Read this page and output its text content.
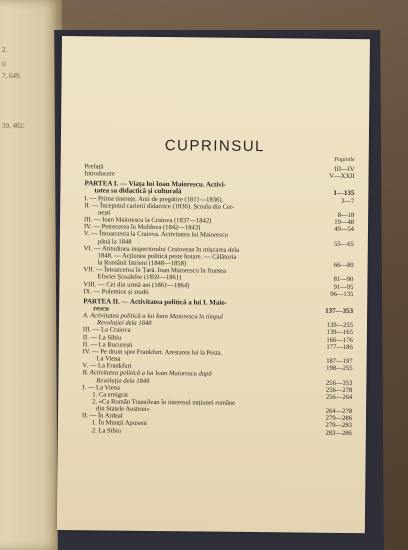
2.
ti
7, 649.
39, 402.
CUPRINSUL
Paginile
Prefață	III—IV
Introducere	V—XXII
PARTEA I. — Viața lui Ioan Maiorescu. Activi-
tatea sa didactică și culturală	1—135
I. — Prima tinerețe. Anii de pregătire (1811—1836).	3—7
II. — Începutul carierii didactice (1836). Școala din Cer-
nești	8—18
III. — Ioan Maiorescu la Craiova (1837—1842)	19—48
IV. — Petrecerea în Moldova (1842—1843)	49—54
V. — Întoarcerea la Craiova. Activitatea lui Maiorescu
până la 1848	55—65
VI. — Atitudinea inspectorului Craiovean în mișcarea dela
1848. — Acțiunea politică peste hotare. — Călătoria
la Românii Istrieni (1848—1858)	66—80
VII. — Întoarcerea în Țară. Ioan Maiorescu în fruntea
Eforiei Școalelor (1859—1861)	81—90
VIII. — Cei din urmă ani (1861—1864)	91—95
IX. — Polemice și studii	96—135
PARTEA II. — Activitatea politică a lui I. Maio-
rescu	137—353
A. Activitatea politică a lui Ioan Maiorescu în timpul
Revoluției dela 1848	139—255
III. — La Craiova	139—165
II. — La Sibiu	166—176
II. — La București	177—186
IV. — Pe drum spre Frankfurt. Arestarea lui la Pesta.
La Viena	187—197
V. — La Frankfurt	198—255
B. Activitatea politică a lui Ioan Maiorescu după
Revoluția dela 1848	256—353
I. — La Viena	256—278
1. Ca emigrat	256—264
2. «Ca Român Transilvan în interesul națiunei române
din Statele Austriei»	264—278
II. — În Ardeal	279—286
1. În Munții Apuseni	279—283
2. La Sibiu	283—286
